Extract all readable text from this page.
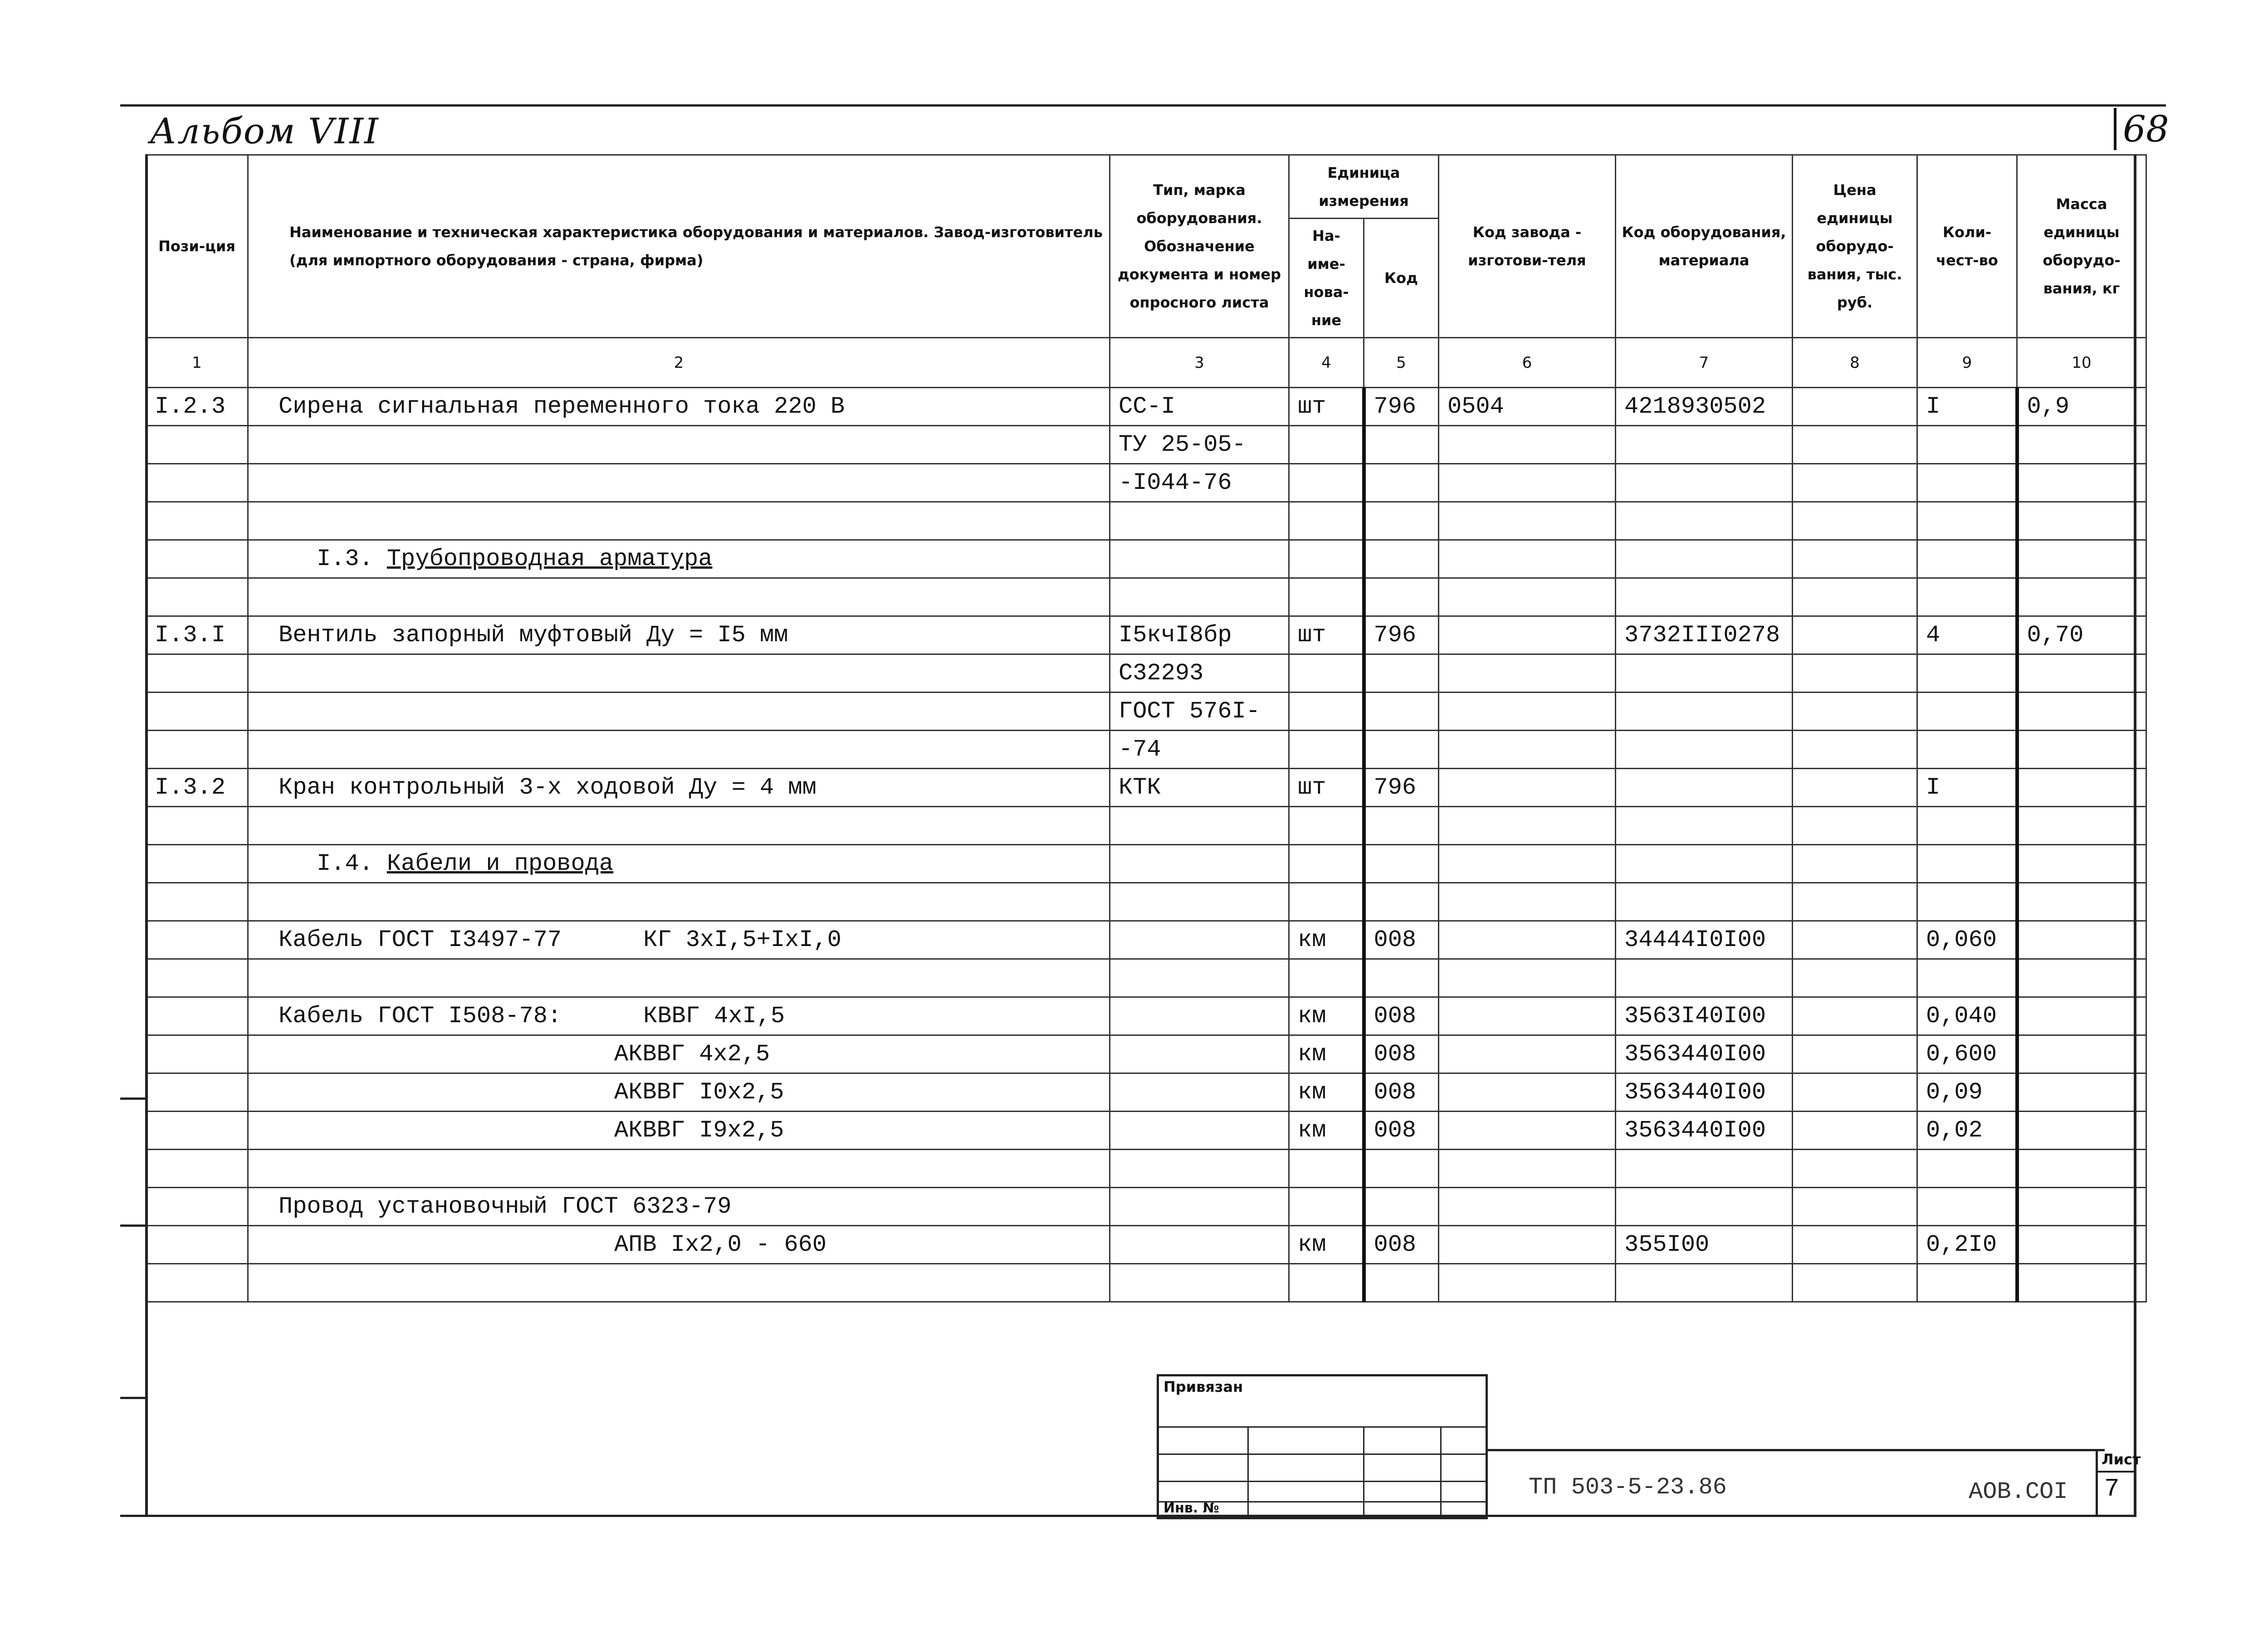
Альбом VIII	68
Пози-ция	Наименование и техническая характеристика оборудования и материалов. Завод-изготовитель (для импортного оборудования - страна, фирма)	Тип, марка оборудования. Обозначение документа и номер опросного листа	Единица измерения		Код завода - изготови-теля	Код оборудования, материала	Цена единицы оборудо-вания, тыс. руб.	Коли-чест-во	Масса единицы оборудо-вания, кг
			На-име-нова-ние	Код					
1	2	3	4	5	6	7	8	9	10
I.2.3	Сирена сигнальная переменного тока 220 В	СС-I	шт	796	0504	4218930502		I	0,9
		ТУ 25-05-							
		-I044-76							

	I.3. Трубопроводная арматура								

I.3.I	Вентиль запорный муфтовый Ду = I5 мм	I5кчI8бр	шт	796		3732III0278		4	0,70
		С32293							
		ГОСТ 576I-							
		-74							
I.3.2	Кран контрольный 3-х ходовой Ду = 4 мм	КТК	шт	796				I	

	I.4. Кабели и провода								

	Кабель ГОСТ I3497-77 КГ 3хI,5+IхI,0		км	008		34444I0I00		0,060	

	Кабель ГОСТ I508-78: КВВГ 4хI,5		км	008		3563I40I00		0,040	
	АКВВГ 4х2,5		км	008		3563440I00		0,600	
	АКВВГ I0х2,5		км	008		3563440I00		0,09	
	АКВВГ I9х2,5		км	008		3563440I00		0,02	

	Провод установочный ГОСТ 6323-79								
	АПВ Iх2,0 - 660		км	008		355I00		0,2I0	

Привязан
Инв. №
ТП 503-5-23.86	АОВ.СОI
Лист
7
